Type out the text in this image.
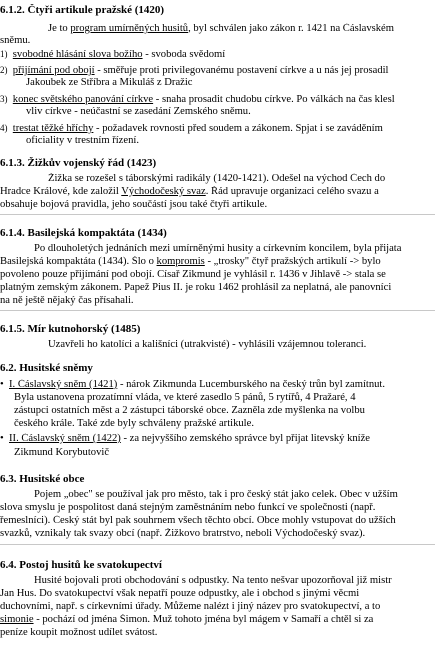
6.1.2. Čtyři artikule pražské (1420)
Je to program umírněných husitů, byl schválen jako zákon r. 1421 na Čáslavském
sněmu.
1) svobodné hlásání slova božího - svoboda svědomí
2) přijímání pod obojí - směřuje proti privilegovanému postavení církve a u nás jej prosadil
Jakoubek ze Stříbra a Mikuláš z Dražic
3) konec světského panování církve - snaha prosadit chudobu církve. Po válkách na čas klesl
vliv církve - neúčastní se zasedání Zemského sněmu.
4) trestat těžké hříchy - požadavek rovnosti před soudem a zákonem. Spjat i se zaváděním
oficiality v trestním řízení.
6.1.3. Žižkův vojenský řád (1423)
Žižka se rozešel s táborskými radikály (1420-1421). Odešel na východ Čech do
Hradce Králové, kde založil Východočeský svaz. Řád upravuje organizaci celého svazu a
obsahuje bojová pravidla, jeho součástí jsou také čtyři artikule.
6.1.4. Basilejská kompaktáta (1434)
Po dlouholetých jednáních mezi umírněnými husity a církevním koncilem, byla přijata
Basilejská kompaktáta (1434). Šlo o kompromis - „trosky" čtyř pražských artikulí -> bylo
povoleno pouze přijímání pod obojí. Císař Zikmund je vyhlásil r. 1436 v Jihlavě -> stala se
platným zemským zákonem. Papež Pius II. je roku 1462 prohlásil za neplatná, ale panovníci
na ně ještě nějaký čas přísahali.
6.1.5. Mír kutnohorský (1485)
Uzavřeli ho katolíci a kališníci (utrakvisté) - vyhlásili vzájemnou toleranci.
6.2. Husitské sněmy
• I. Čáslavský sněm (1421) - nárok Zikmunda Lucemburského na český trůn byl zamítnut.
Byla ustanovena prozatímní vláda, ve které zasedlo 5 pánů, 5 rytířů, 4 Pražaré, 4
zástupci ostatních měst a 2 zástupci táborské obce. Zazněla zde myšlenka na volbu
českého krále. Také zde byly schváleny pražské artikule.
• II. Čáslavský sněm (1422) - za nejvyššího zemského správce byl přijat litevský kníže
Zikmund Korybutovič
6.3. Husitské obce
Pojem „obec" se používal jak pro město, tak i pro český stát jako celek. Obec v užším
slova smyslu je pospolitost daná stejným zaměstnáním nebo funkcí ve společnosti (např.
řemeslníci). Český stát byl pak souhrnem všech těchto obcí. Obce mohly vstupovat do užších
svazků, vznikaly tak svazy obcí (např. Žižkovo bratrstvo, neboli Východočeský svaz).
6.4. Postoj husitů ke svatokupectví
Husité bojovali proti obchodování s odpustky. Na tento nešvar upozorňoval již mistr
Jan Hus. Do svatokupectví však nepatří pouze odpustky, ale i obchod s jinými věcmi
duchovními, např. s církevními úřady. Můžeme nalézt i jiný název pro svatokupectví, a to
simonie - pochází od jména Šimon. Muž tohoto jména byl mágem v Samaří a chtěl si za
peníze koupit možnost udílet svátost.
